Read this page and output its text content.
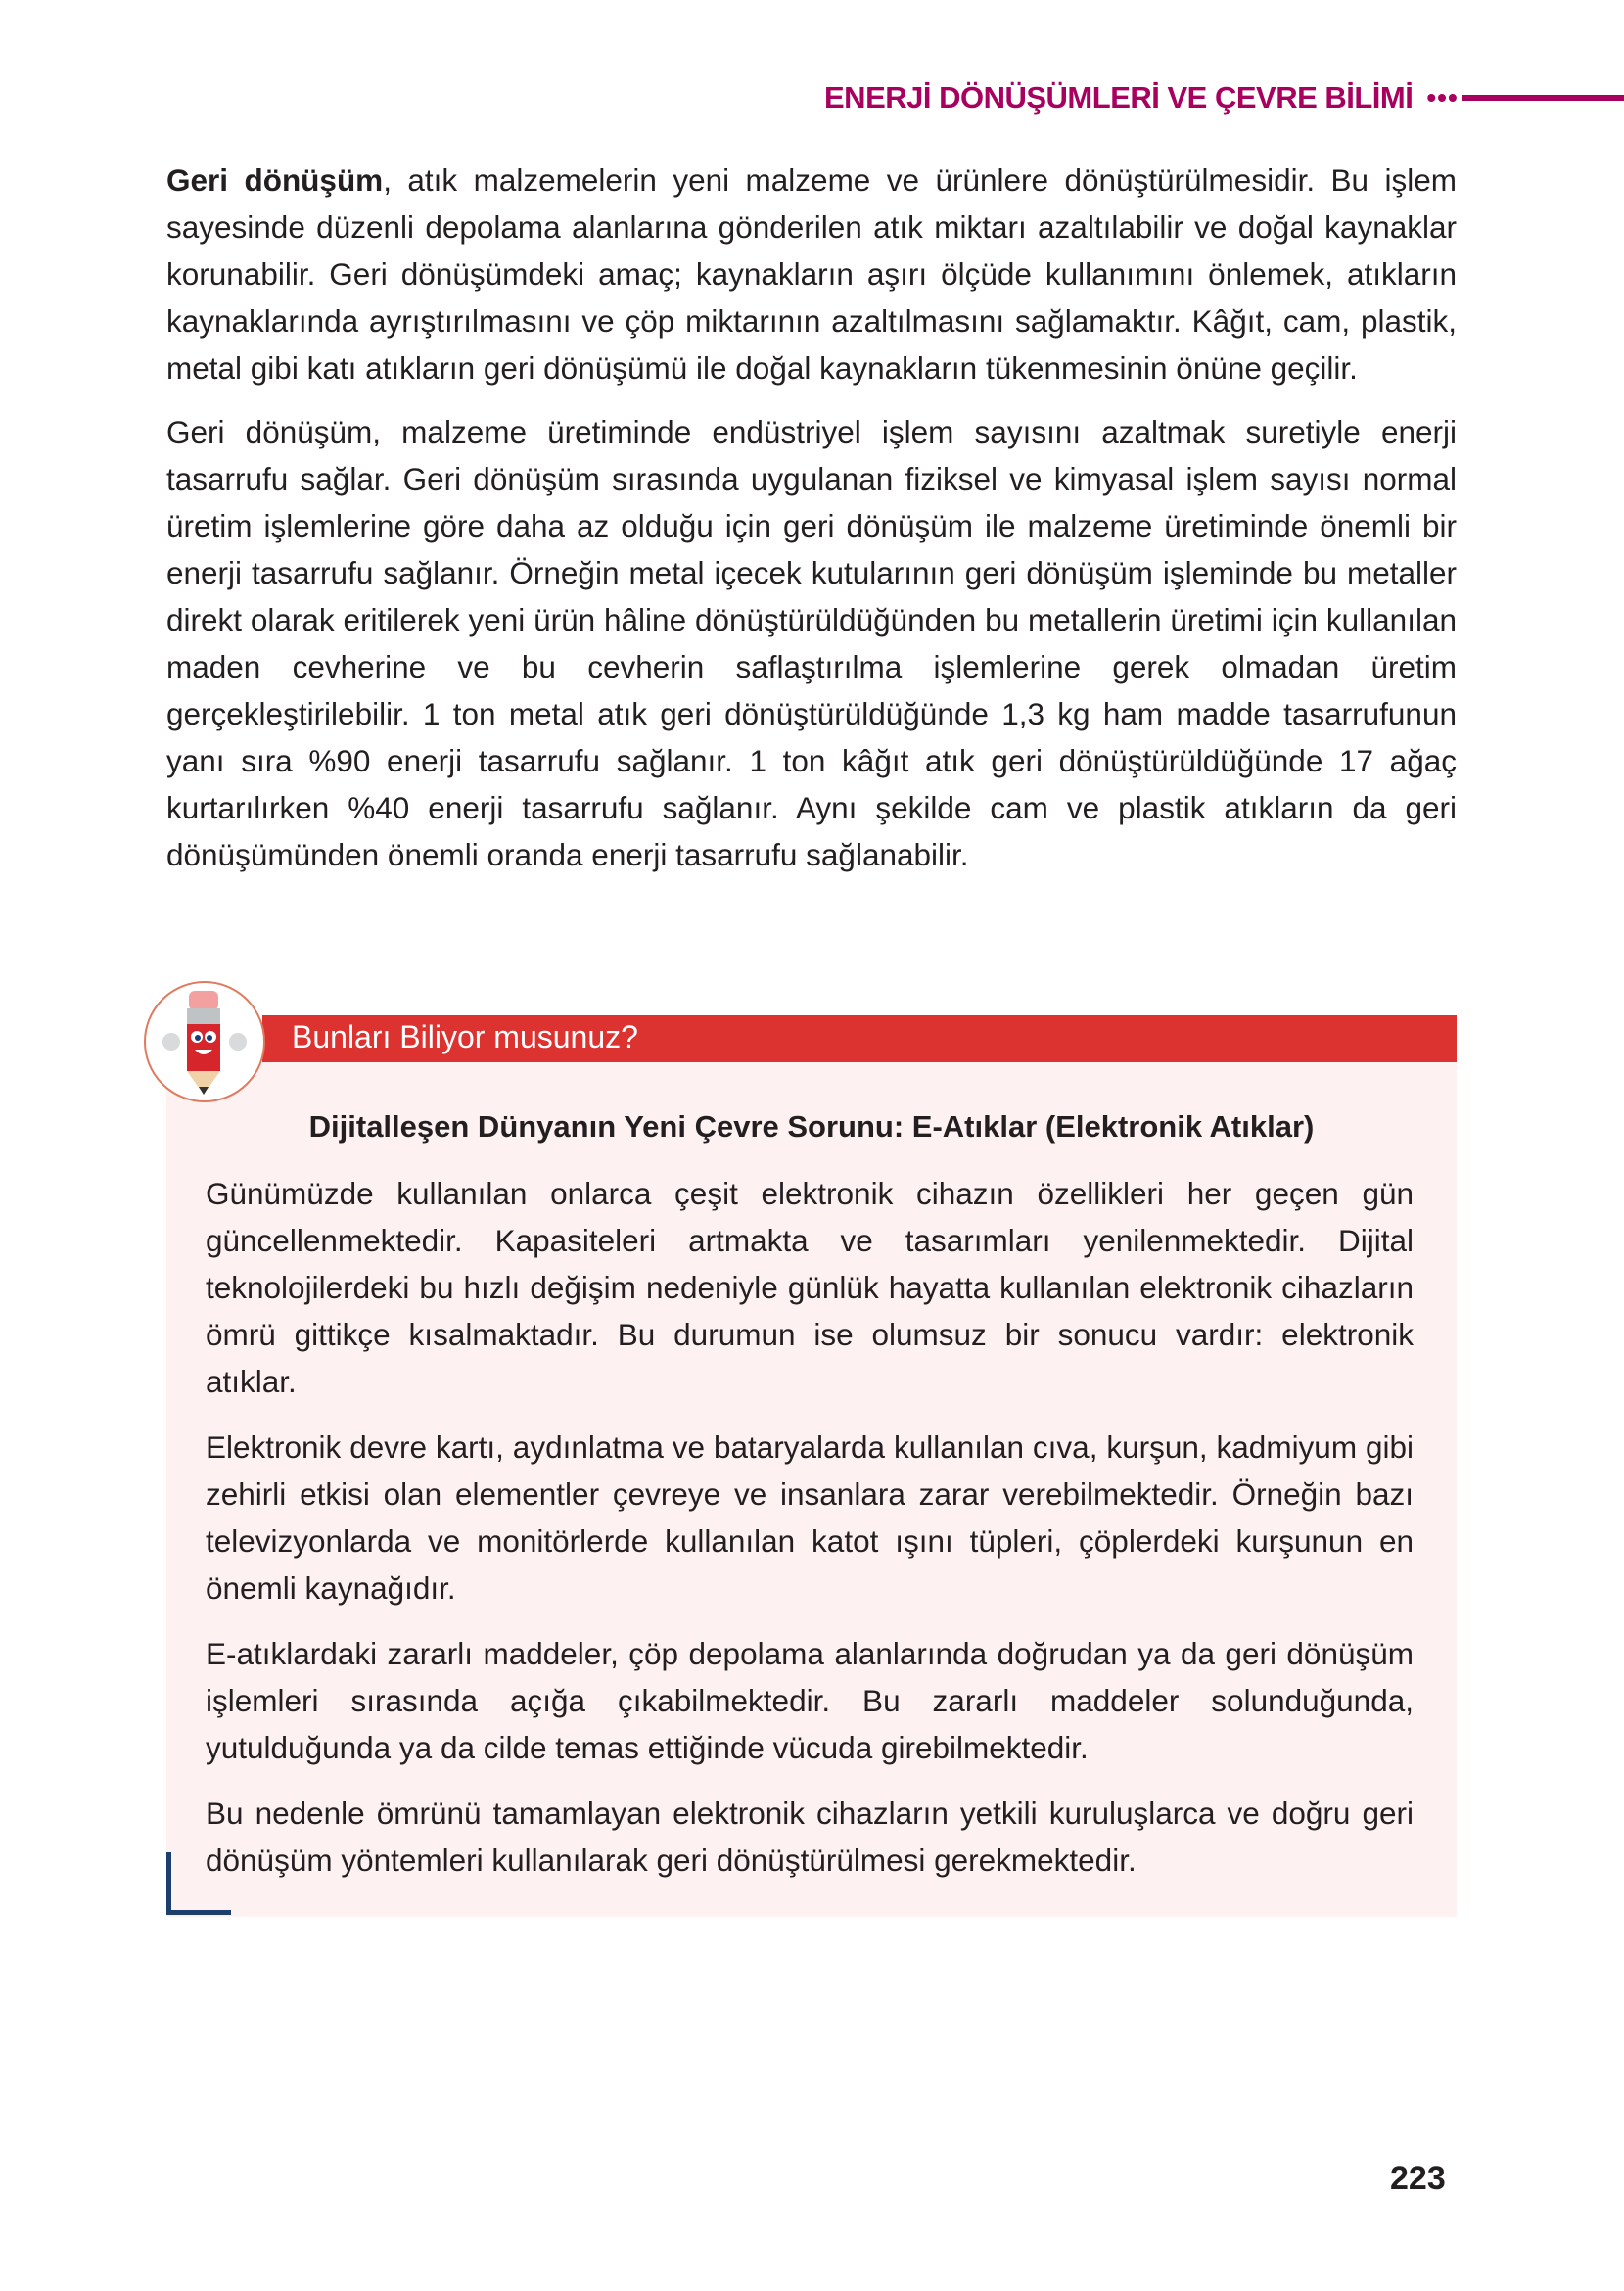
ENERJİ DÖNÜŞÜMLERİ VE ÇEVRE BİLİMİ •••

Geri dönüşüm, atık malzemelerin yeni malzeme ve ürünlere dönüştürülmesidir. Bu işlem sayesinde düzenli depolama alanlarına gönderilen atık miktarı azaltılabilir ve doğal kaynaklar korunabilir. Geri dönüşümdeki amaç; kaynakların aşırı ölçüde kullanımını önlemek, atıkların kaynaklarında ayrıştırılmasını ve çöp miktarının azaltılmasını sağlamaktır. Kâğıt, cam, plastik, metal gibi katı atıkların geri dönüşümü ile doğal kaynakların tükenmesinin önüne geçilir.

Geri dönüşüm, malzeme üretiminde endüstriyel işlem sayısını azaltmak suretiyle enerji tasarrufu sağlar. Geri dönüşüm sırasında uygulanan fiziksel ve kimyasal işlem sayısı normal üretim işlemlerine göre daha az olduğu için geri dönüşüm ile malzeme üretiminde önemli bir enerji tasarrufu sağlanır. Örneğin metal içecek kutularının geri dönüşüm işleminde bu metaller direkt olarak eritilerek yeni ürün hâline dönüştürüldüğünden bu metallerin üretimi için kullanılan maden cevherine ve bu cevherin saflaştırılma işlemlerine gerek olmadan üretim gerçekleştirilebilir. 1 ton metal atık geri dönüştürüldüğünde 1,3 kg ham madde tasarrufunun yanı sıra %90 enerji tasarrufu sağlanır. 1 ton kâğıt atık geri dönüştürüldüğünde 17 ağaç kurtarılırken %40 enerji tasarrufu sağlanır. Aynı şekilde cam ve plastik atıkların da geri dönüşümünden önemli oranda enerji tasarrufu sağlanabilir.

Dijitalleşen Dünyanın Yeni Çevre Sorunu: E-Atıklar (Elektronik Atıklar)

Günümüzde kullanılan onlarca çeşit elektronik cihazın özellikleri her geçen gün güncellenmektedir. Kapasiteleri artmakta ve tasarımları yenilenmektedir. Dijital teknolojilerdeki bu hızlı değişim nedeniyle günlük hayatta kullanılan elektronik cihazların ömrü gittikçe kısalmaktadır. Bu durumun ise olumsuz bir sonucu vardır: elektronik atıklar.

Elektronik devre kartı, aydınlatma ve bataryalarda kullanılan cıva, kurşun, kadmiyum gibi zehirli etkisi olan elementler çevreye ve insanlara zarar verebilmektedir. Örneğin bazı televizyonlarda ve monitörlerde kullanılan katot ışını tüpleri, çöplerdeki kurşunun en önemli kaynağıdır.

E-atıklardaki zararlı maddeler, çöp depolama alanlarında doğrudan ya da geri dönüşüm işlemleri sırasında açığa çıkabilmektedir. Bu zararlı maddeler solunduğunda, yutulduğunda ya da cilde temas ettiğinde vücuda girebilmektedir.

Bu nedenle ömrünü tamamlayan elektronik cihazların yetkili kuruluşlarca ve doğru geri dönüşüm yöntemleri kullanılarak geri dönüştürülmesi gerekmektedir.

Bunları Biliyor musunuz?
223
